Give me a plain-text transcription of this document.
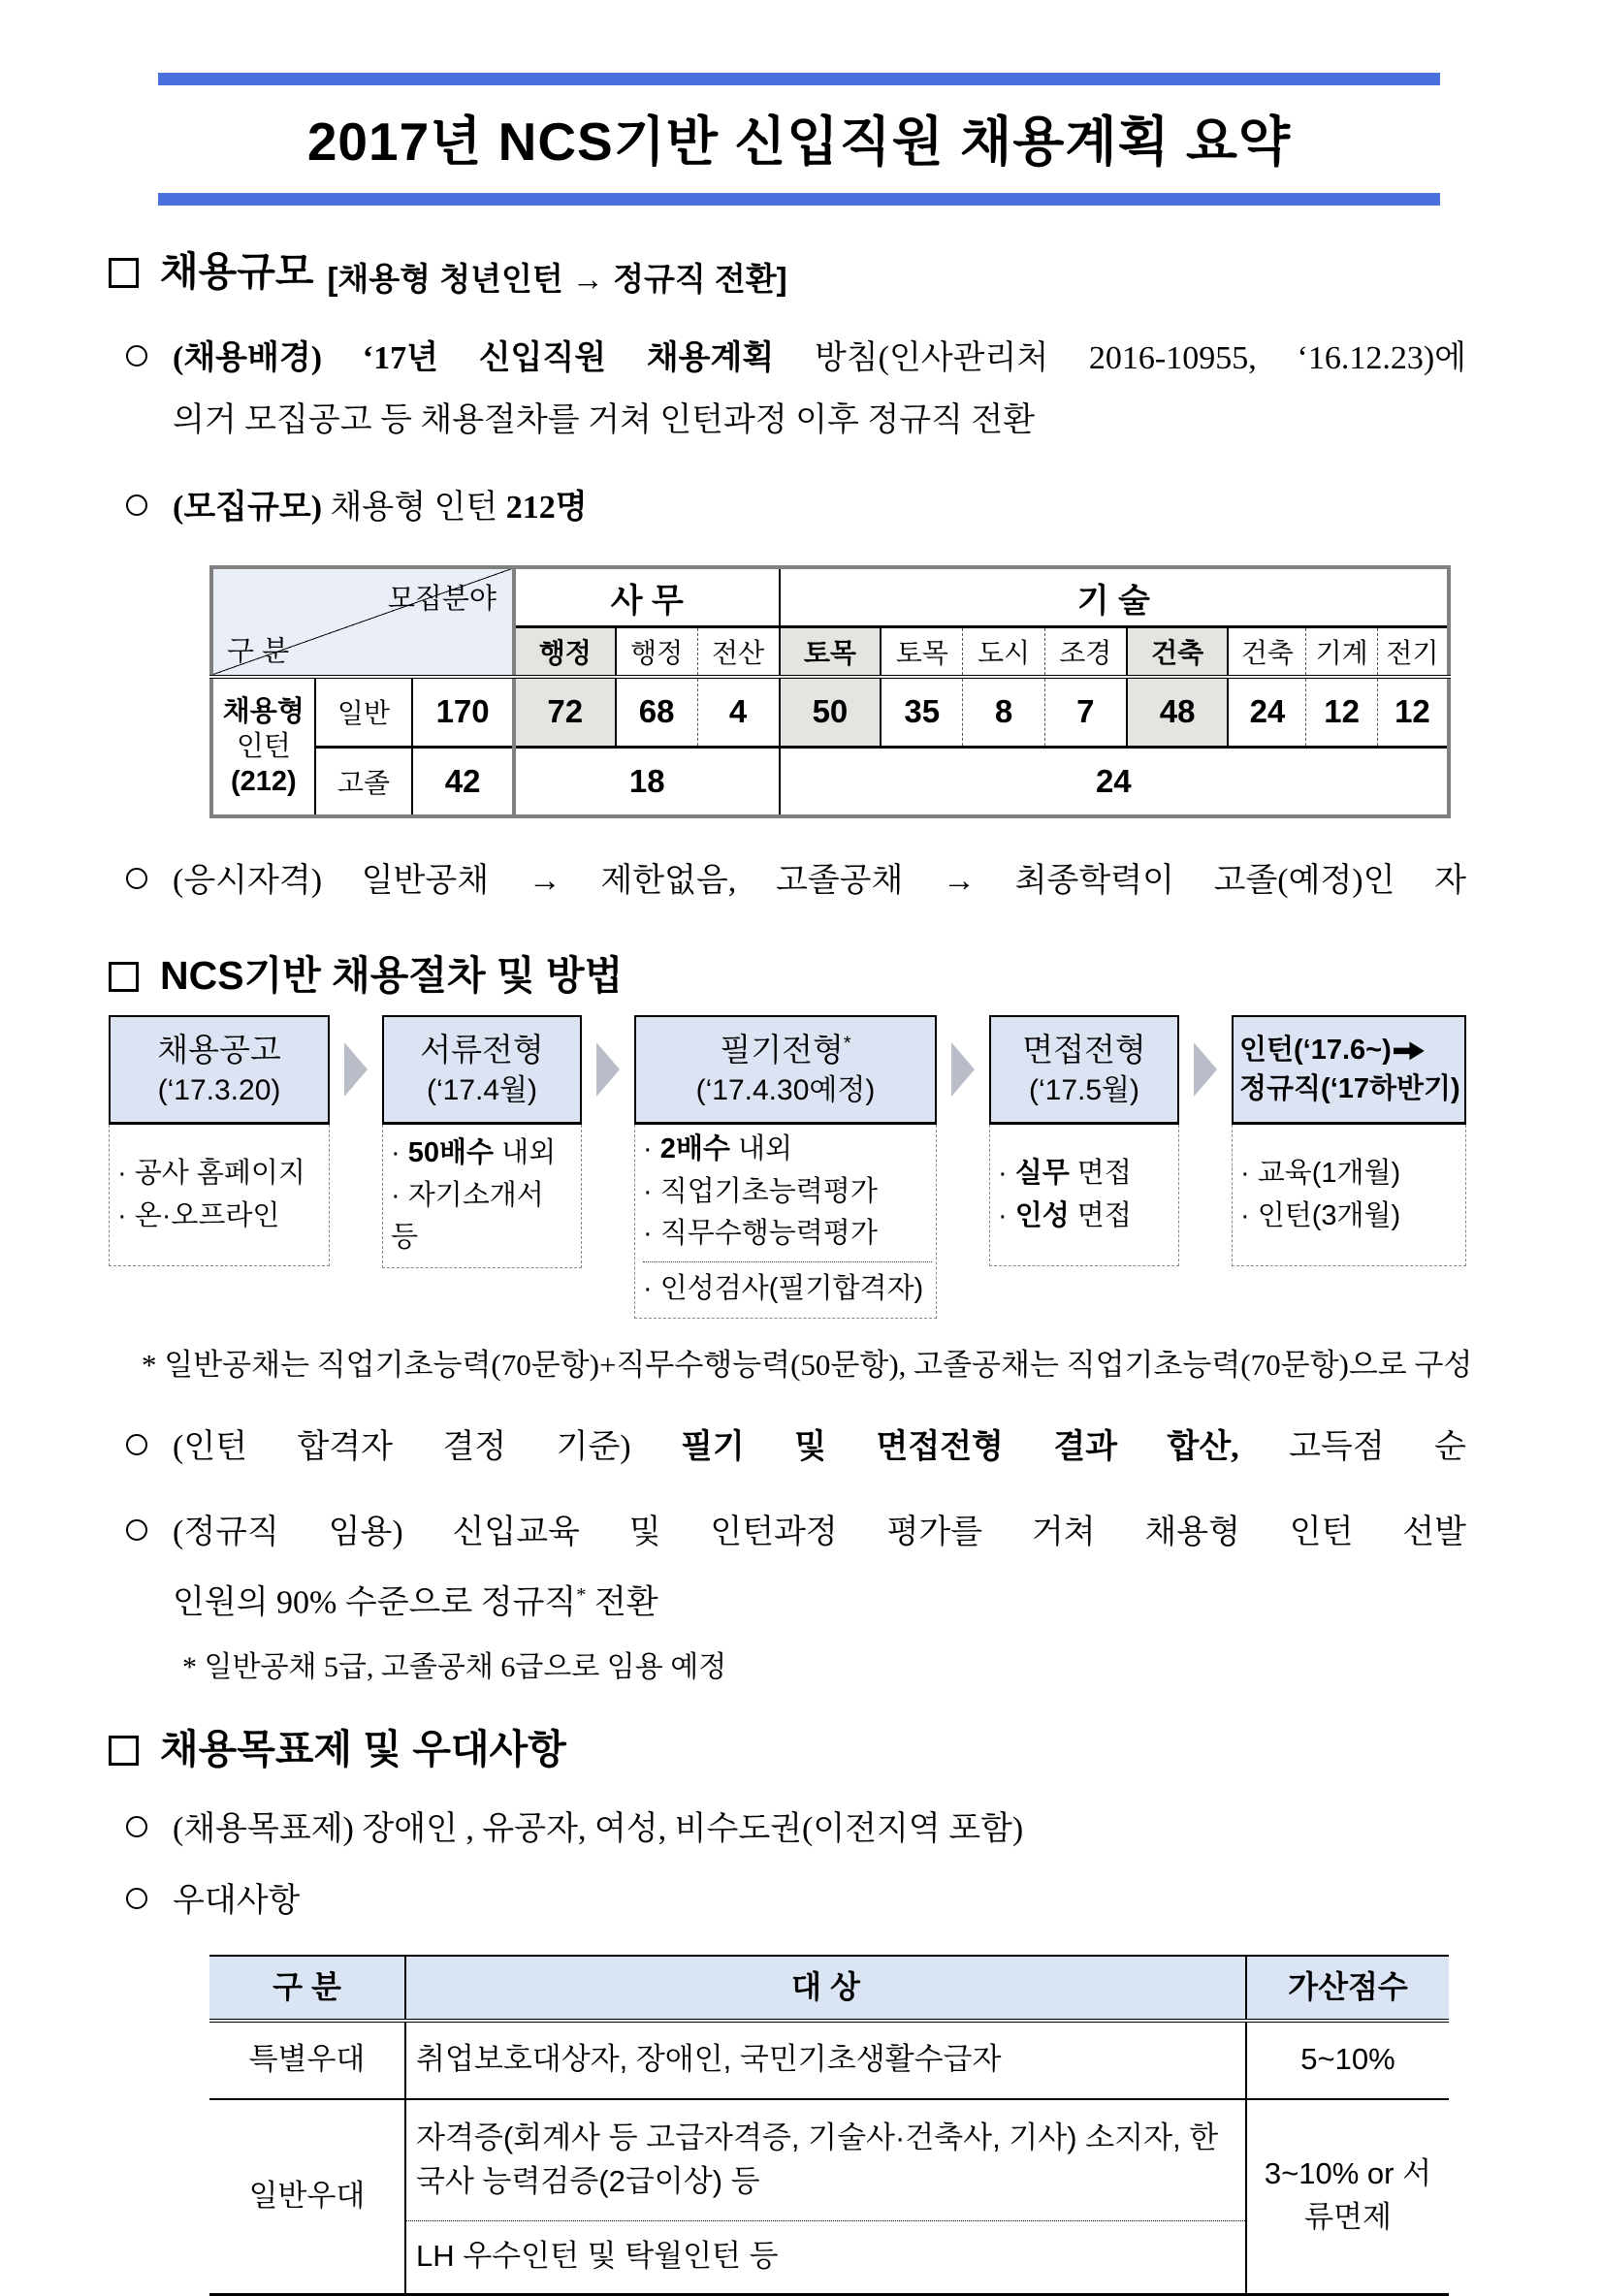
2017년 NCS기반 신입직원 채용계획 요약
채용규모 [채용형 청년인턴 → 정규직 전환]
(채용배경) ‘17년 신입직원 채용계획 방침(인사관리처 2016-10955, ‘16.12.23)에
의거 모집공고 등 채용절차를 거쳐 인턴과정 이후 정규직 전환
(모집규모) 채용형 인턴 212명
모집분야
구 분			사 무			기 술							
			행정	행정	전산	토목	토목	도시	조경	건축	건축	기계	전기
채용형
인턴
(212)	일반	170	72	68	4	50	35	8	7	48	24	12	12
	고졸	42	18			24							
(응시자격) 일반공채 → 제한없음, 고졸공채 → 최종학력이 고졸(예정)인 자
NCS기반 채용절차 및 방법
채용공고
(‘17.3.20)
· 공사 홈페이지
· 온·오프라인
서류전형
(‘17.4월)
· 50배수 내외
· 자기소개서 등
필기전형*
(‘17.4.30예정)
· 2배수 내외
· 직업기초능력평가
· 직무수행능력평가
· 인성검사(필기합격자)
면접전형
(‘17.5월)
· 실무 면접
· 인성 면접
인턴(‘17.6~)
정규직(‘17하반기)
· 교육(1개월)
· 인턴(3개월)
* 일반공채는 직업기초능력(70문항)+직무수행능력(50문항), 고졸공채는 직업기초능력(70문항)으로 구성
(인턴 합격자 결정 기준) 필기 및 면접전형 결과 합산, 고득점 순
(정규직 임용) 신입교육 및 인턴과정 평가를 거쳐 채용형 인턴 선발
인원의 90% 수준으로 정규직* 전환
* 일반공채 5급, 고졸공채 6급으로 임용 예정
채용목표제 및 우대사항
(채용목표제) 장애인 , 유공자, 여성, 비수도권(이전지역 포함)
우대사항
구 분	대 상	가산점수
특별우대	취업보호대상자, 장애인, 국민기초생활수급자	5~10%
일반우대	자격증(회계사 등 고급자격증, 기술사·건축사, 기사) 소지자, 한국사 능력검증(2급이상) 등	3~10% or 서류면제
	LH 우수인턴 및 탁월인턴 등	
